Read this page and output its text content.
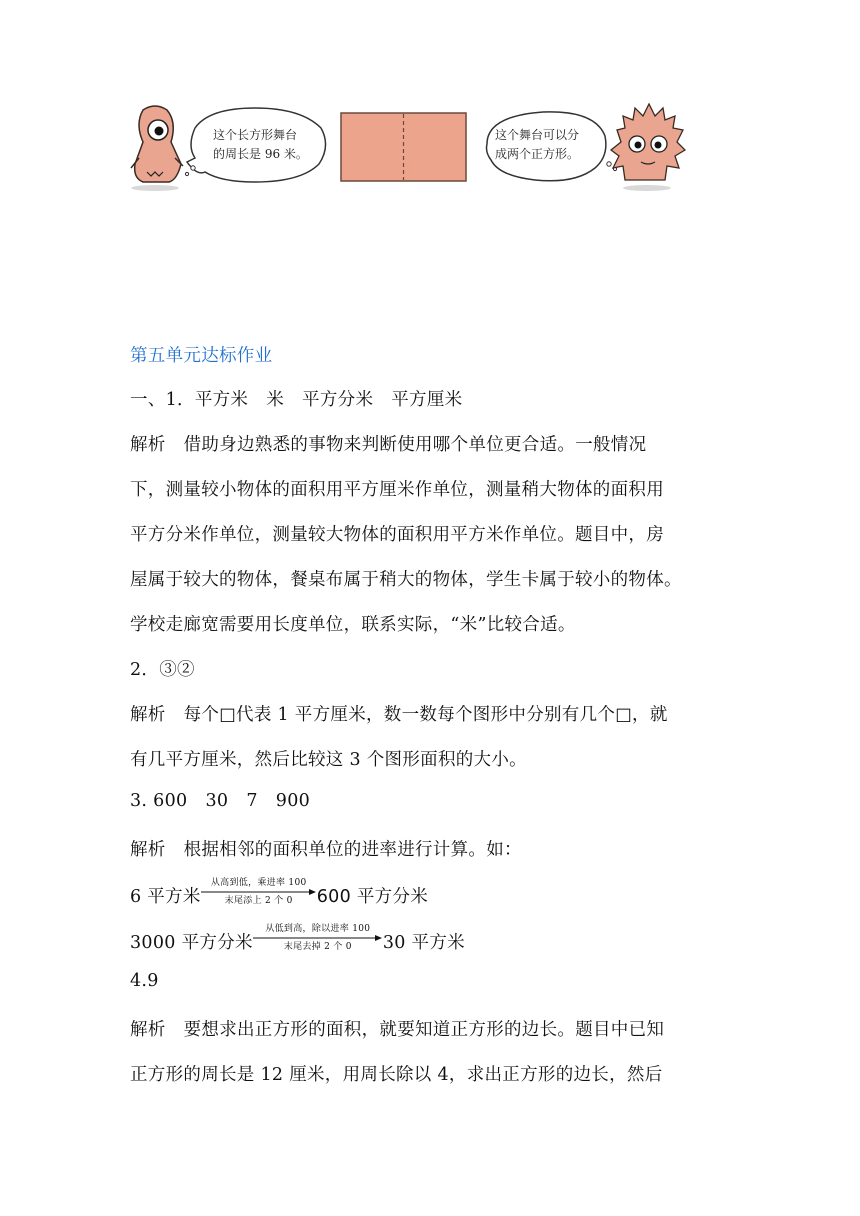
这个长方形舞台
的周长是 96 米。
这个舞台可以分
成两个正方形。
第五单元达标作业
一、1．平方米 米 平方分米 平方厘米
解析 借助身边熟悉的事物来判断使用哪个单位更合适。一般情况
下，测量较小物体的面积用平方厘米作单位，测量稍大物体的面积用
平方分米作单位，测量较大物体的面积用平方米作单位。题目中，房
屋属于较大的物体，餐桌布属于稍大的物体，学生卡属于较小的物体。
学校走廊宽需要用长度单位，联系实际，“米”比较合适。
2．③②
解析 每个□代表 1 平方厘米，数一数每个图形中分别有几个□，就
有几平方厘米，然后比较这 3 个图形面积的大小。
3. 600 30 7 900
解析 根据相邻的面积单位的进率进行计算。如：
6 平方米
从高到低，乘进率 100
末尾添上 2 个 0	600 平方分米
3000 平方分米
从低到高，除以进率 100
末尾去掉 2 个 0	30 平方米
4.9
解析 要想求出正方形的面积，就要知道正方形的边长。题目中已知
正方形的周长是 12 厘米，用周长除以 4，求出正方形的边长，然后
